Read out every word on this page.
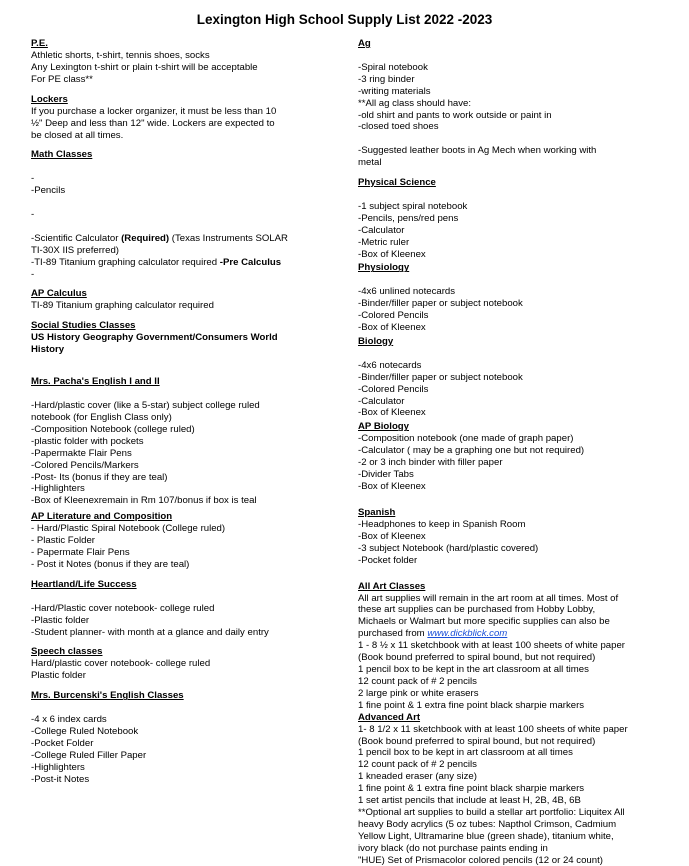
Lexington High School Supply List 2022 -2023
P.E.
Athletic shorts, t-shirt, tennis shoes, socks
Any Lexington t-shirt or plain t-shirt will be acceptable
For PE class**
Lockers
If you purchase a locker organizer, it must be less than 10
½" Deep and less than 12" wide. Lockers are expected to
be closed at all times.
Math Classes
-
-Pencils
-
-Scientific Calculator (Required) (Texas Instruments SOLAR
TI-30X IIS preferred)
-TI-89 Titanium graphing calculator required -Pre Calculus
-
AP Calculus
TI-89 Titanium graphing calculator required
Social Studies Classes
US History Geography Government/Consumers World
History
Mrs. Pacha's English I and II
-Hard/plastic cover (like a 5-star) subject college ruled
notebook (for English Class only)
-Composition Notebook (college ruled)
-plastic folder with pockets
-Papermakte Flair Pens
-Colored Pencils/Markers
-Post- Its (bonus if they are teal)
-Highlighters
-Box of Kleenexremain in Rm 107/bonus if box is teal
AP Literature and Composition
- Hard/Plastic Spiral Notebook (College ruled)
- Plastic Folder
- Papermate Flair Pens
- Post it Notes (bonus if they are teal)
Heartland/Life Success
-Hard/Plastic cover notebook- college ruled
-Plastic folder
-Student planner- with month at a glance and daily entry
Speech classes
Hard/plastic cover notebook- college ruled
Plastic folder
Mrs. Burcenski's English Classes
-4 x 6 index cards
-College Ruled Notebook
-Pocket Folder
-College Ruled Filler Paper
-Highlighters
-Post-it Notes
Ag
-Spiral notebook
-3 ring binder
-writing materials
**All ag class should have:
-old shirt and pants to work outside or paint in
-closed toed shoes
-Suggested leather boots in Ag Mech when working with
metal
Physical Science
-1 subject spiral notebook
-Pencils, pens/red pens
-Calculator
-Metric ruler
-Box of Kleenex
Physiology
-4x6 unlined notecards
-Binder/filler paper or subject notebook
-Colored Pencils
-Box of Kleenex
Biology
-4x6 notecards
-Binder/filler paper or subject notebook
-Colored Pencils
-Calculator
-Box of Kleenex
AP Biology
-Composition notebook (one made of graph paper)
-Calculator ( may be a graphing one but not required)
-2 or 3 inch binder with filler paper
-Divider Tabs
-Box of Kleenex
Spanish
-Headphones to keep in Spanish Room
-Box of Kleenex
-3 subject Notebook (hard/plastic covered)
-Pocket folder
All Art Classes
All art supplies will remain in the art room at all times. Most of
these art supplies can be purchased from Hobby Lobby,
Michaels or Walmart but more specific supplies can also be
purchased from www.dickblick.com
1 - 8 ½ x 11 sketchbook with at least 100 sheets of white paper
(Book bound preferred to spiral bound, but not required)
1 pencil box to be kept in the art classroom at all times
12 count pack of # 2 pencils
2 large pink or white erasers
1 fine point & 1 extra fine point black sharpie markers
Advanced Art
1- 8 1/2 x 11 sketchbook with at least 100 sheets of white paper
(Book bound preferred to spiral bound, but not required)
1 pencil box to be kept in art classroom at all times
12 count pack of # 2 pencils
1 kneaded eraser (any size)
1 fine point & 1 extra fine point black sharpie markers
1 set artist pencils that include at least H, 2B, 4B, 6B
**Optional art supplies to build a stellar art portfolio: Liquitex All
heavy Body acrylics (5 oz tubes: Napthol Crimson, Cadmium
Yellow Light, Ultramarine blue (green shade), titanium white,
ivory black (do not purchase paints ending in
"HUE) Set of Prismacolor colored pencils (12 or 24 count)
